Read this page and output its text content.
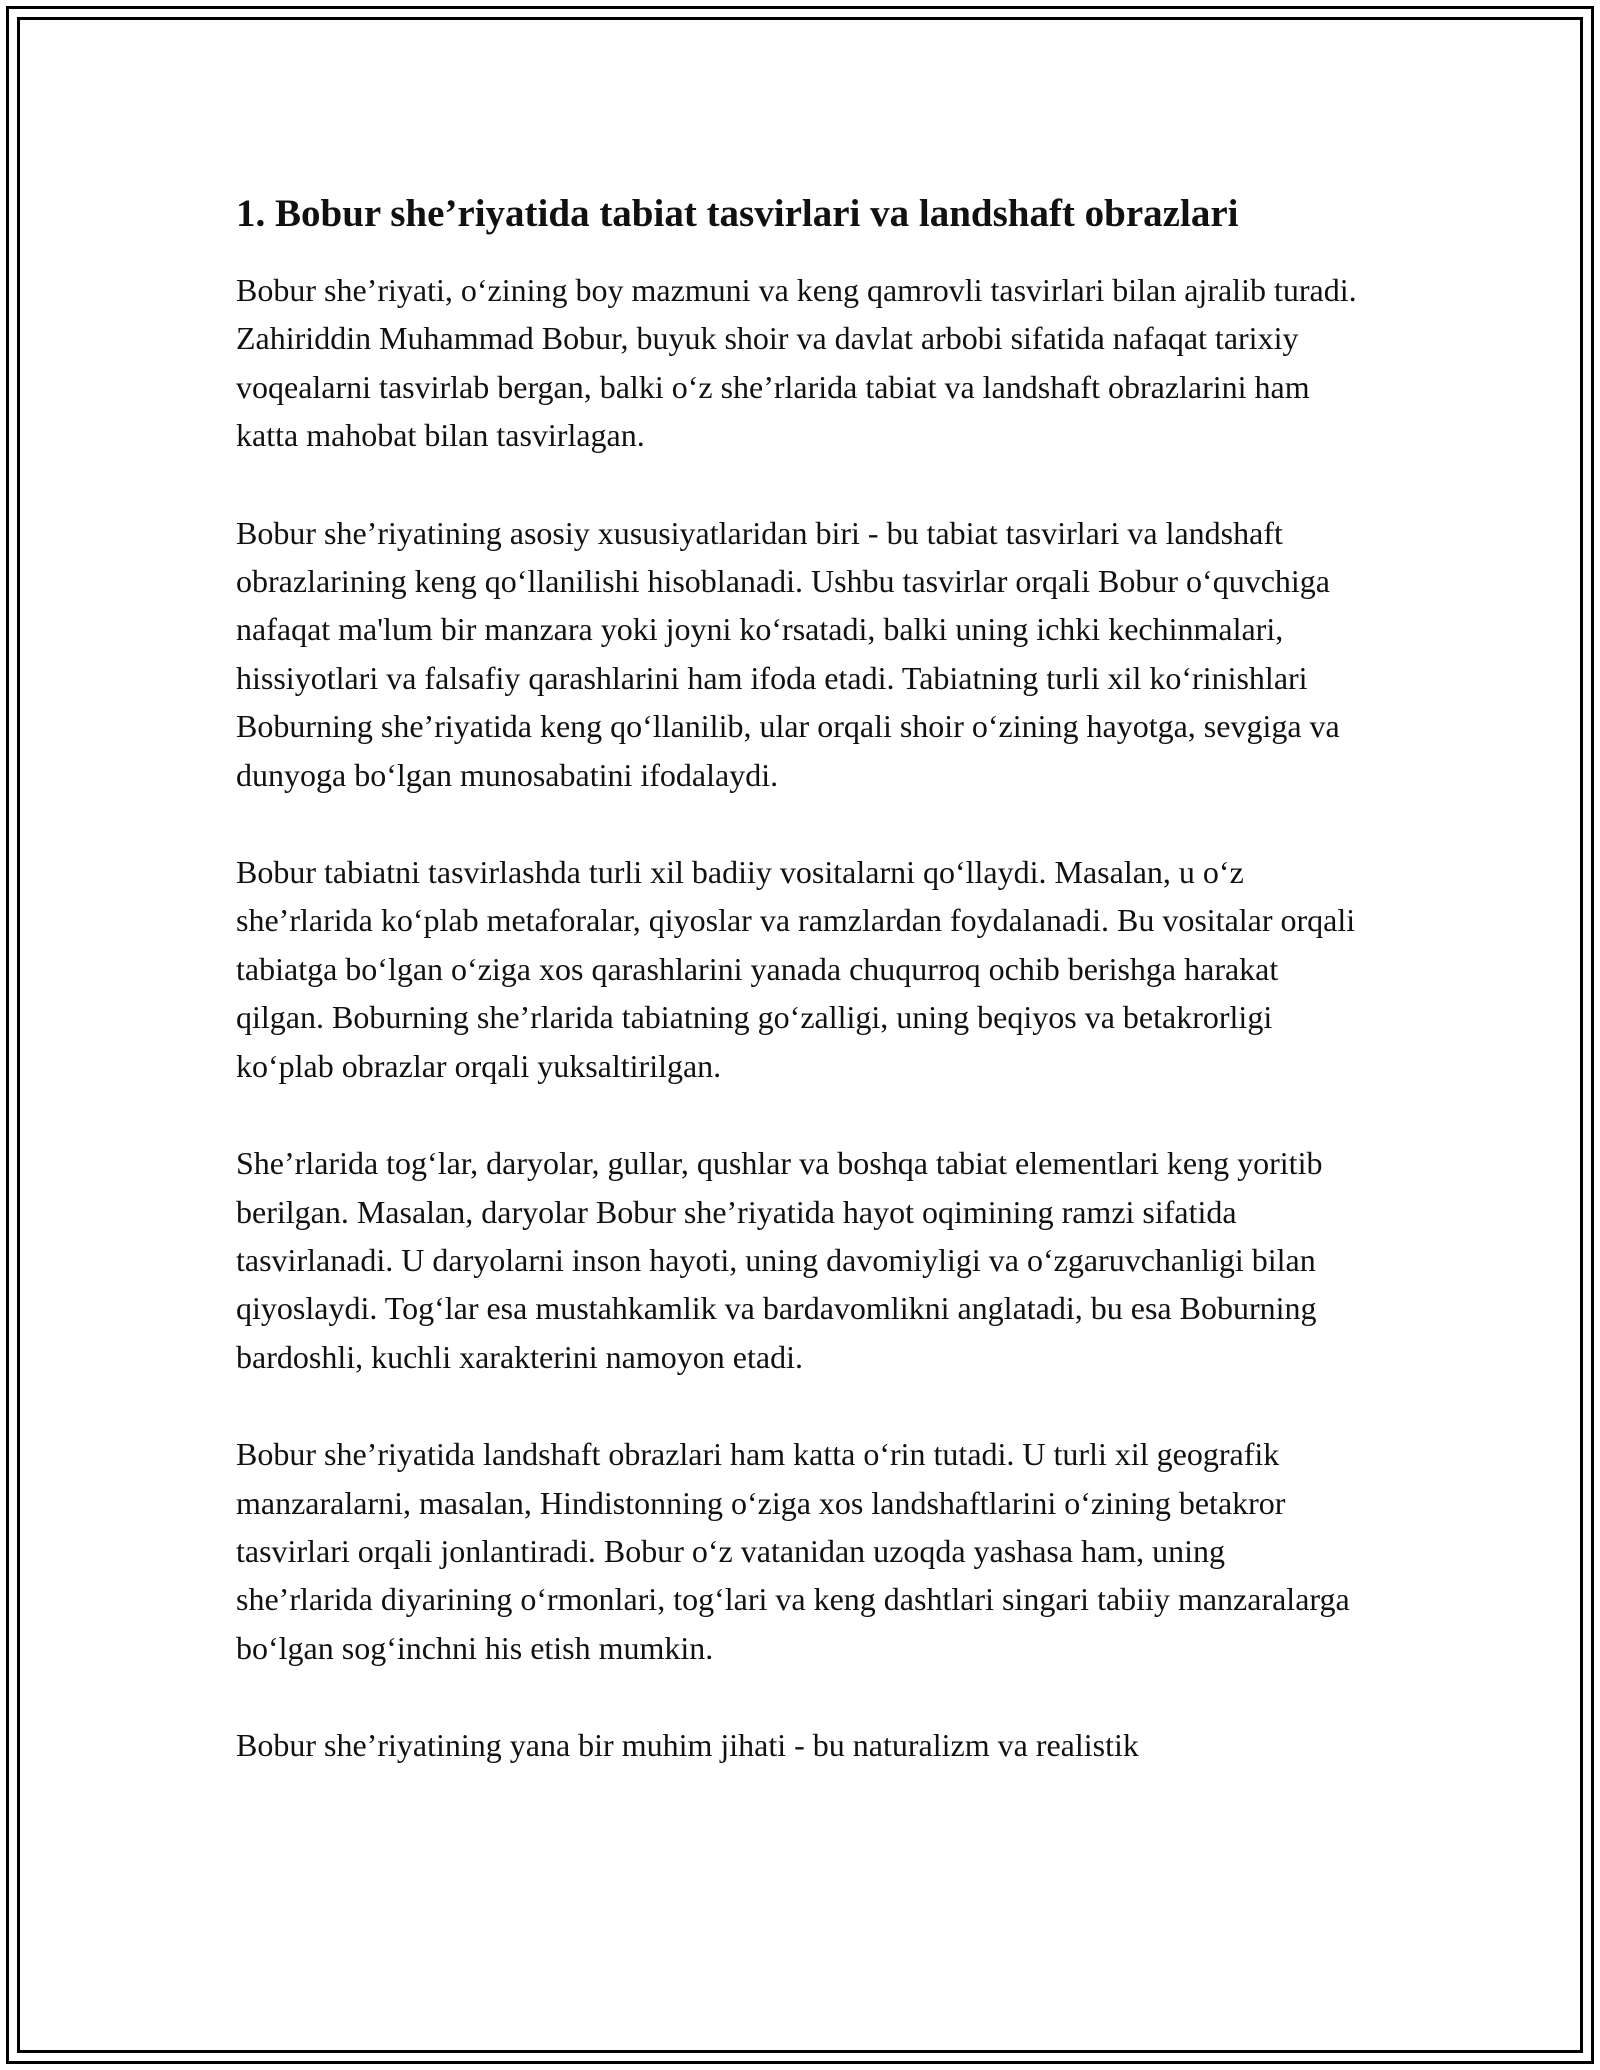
1. Bobur she’riyatida tabiat tasvirlari va landshaft obrazlari

Bobur she’riyati, oʻzining boy mazmuni va keng qamrovli tasvirlari bilan ajralib turadi. Zahiriddin Muhammad Bobur, buyuk shoir va davlat arbobi sifatida nafaqat tarixiy voqealarni tasvirlab bergan, balki oʻz she’rlarida tabiat va landshaft obrazlarini ham katta mahobat bilan tasvirlagan.

Bobur she’riyatining asosiy xususiyatlaridan biri - bu tabiat tasvirlari va landshaft obrazlarining keng qoʻllanilishi hisoblanadi. Ushbu tasvirlar orqali Bobur oʻquvchiga nafaqat ma'lum bir manzara yoki joyni koʻrsatadi, balki uning ichki kechinmalari, hissiyotlari va falsafiy qarashlarini ham ifoda etadi. Tabiatning turli xil koʻrinishlari Boburning she’riyatida keng qoʻllanilib, ular orqali shoir oʻzining hayotga, sevgiga va dunyoga boʻlgan munosabatini ifodalaydi.

Bobur tabiatni tasvirlashda turli xil badiiy vositalarni qoʻllaydi. Masalan, u oʻz she’rlarida koʻplab metaforalar, qiyoslar va ramzlardan foydalanadi. Bu vositalar orqali tabiatga boʻlgan oʻziga xos qarashlarini yanada chuqurroq ochib berishga harakat qilgan. Boburning she’rlarida tabiatning goʻzalligi, uning beqiyos va betakrorligi koʻplab obrazlar orqali yuksaltirilgan.

She’rlarida togʻlar, daryolar, gullar, qushlar va boshqa tabiat elementlari keng yoritib berilgan. Masalan, daryolar Bobur she’riyatida hayot oqimining ramzi sifatida tasvirlanadi. U daryolarni inson hayoti, uning davomiyligi va oʻzgaruvchanligi bilan qiyoslaydi. Togʻlar esa mustahkamlik va bardavomlikni anglatadi, bu esa Boburning bardoshli, kuchli xarakterini namoyon etadi.

Bobur she’riyatida landshaft obrazlari ham katta oʻrin tutadi. U turli xil geografik manzaralarni, masalan, Hindistonning oʻziga xos landshaftlarini oʻzining betakror tasvirlari orqali jonlantiradi. Bobur oʻz vatanidan uzoqda yashasa ham, uning she’rlarida diyarining oʻrmonlari, togʻlari va keng dashtlari singari tabiiy manzaralarga boʻlgan sogʻinchni his etish mumkin.

Bobur she’riyatining yana bir muhim jihati - bu naturalizm va realistik
